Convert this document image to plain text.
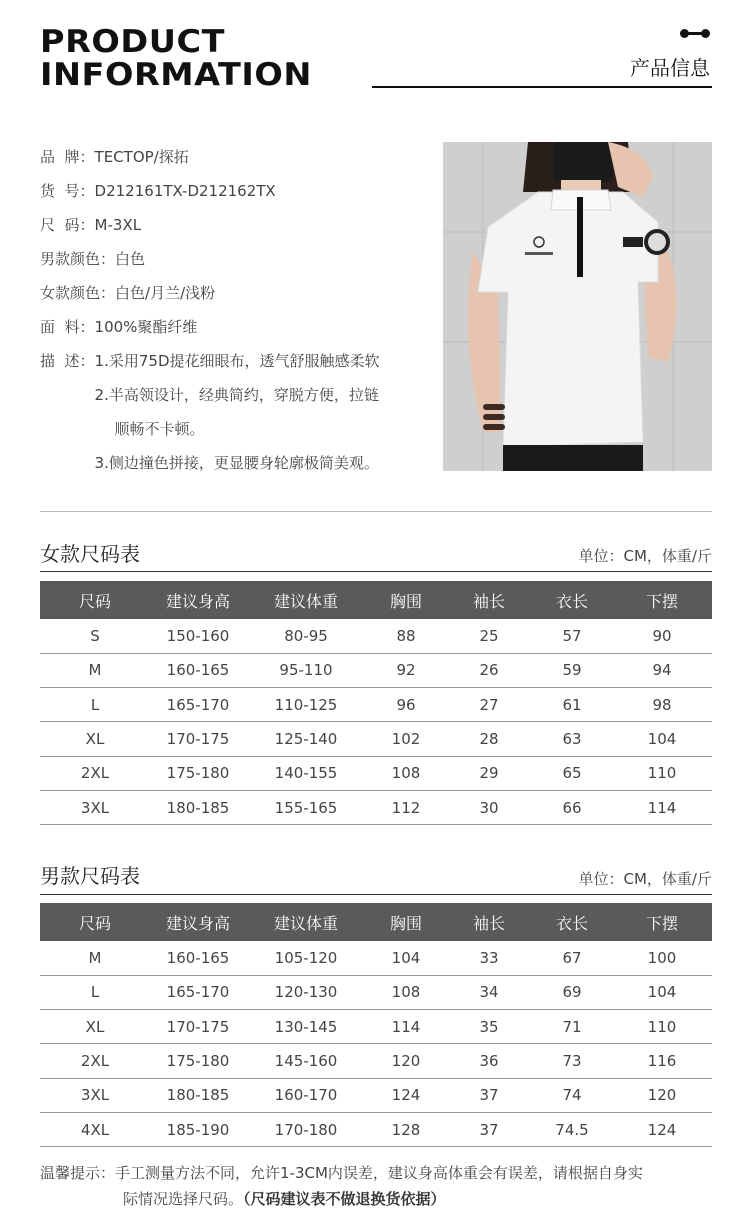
PRODUCT
INFORMATION	产品信息
品  牌： TECTOP/探拓
货  号： D212161TX-D212162TX
尺  码： M-3XL
男款颜色： 白色
女款颜色： 白色/月兰/浅粉
面  料： 100%聚酯纤维
描  述： 1.采用75D提花细眼布，透气舒服触感柔软
2.半高领设计，经典简约，穿脱方便，拉链
顺畅不卡顿。
3.侧边撞色拼接，更显腰身轮廓极简美观。
女款尺码表	单位：CM，体重/斤
尺码	建议身高	建议体重	胸围	袖长	衣长	下摆
S	150-160	80-95	88	25	57	90
M	160-165	95-110	92	26	59	94
L	165-170	110-125	96	27	61	98
XL	170-175	125-140	102	28	63	104
2XL	175-180	140-155	108	29	65	110
3XL	180-185	155-165	112	30	66	114
男款尺码表	单位：CM，体重/斤
尺码	建议身高	建议体重	胸围	袖长	衣长	下摆
M	160-165	105-120	104	33	67	100
L	165-170	120-130	108	34	69	104
XL	170-175	130-145	114	35	71	110
2XL	175-180	145-160	120	36	73	116
3XL	180-185	160-170	124	37	74	120
4XL	185-190	170-180	128	37	74.5	124
温馨提示：手工测量方法不同，允许1-3CM内误差，建议身高体重会有误差，请根据自身实
际情况选择尺码。（尺码建议表不做退换货依据）
